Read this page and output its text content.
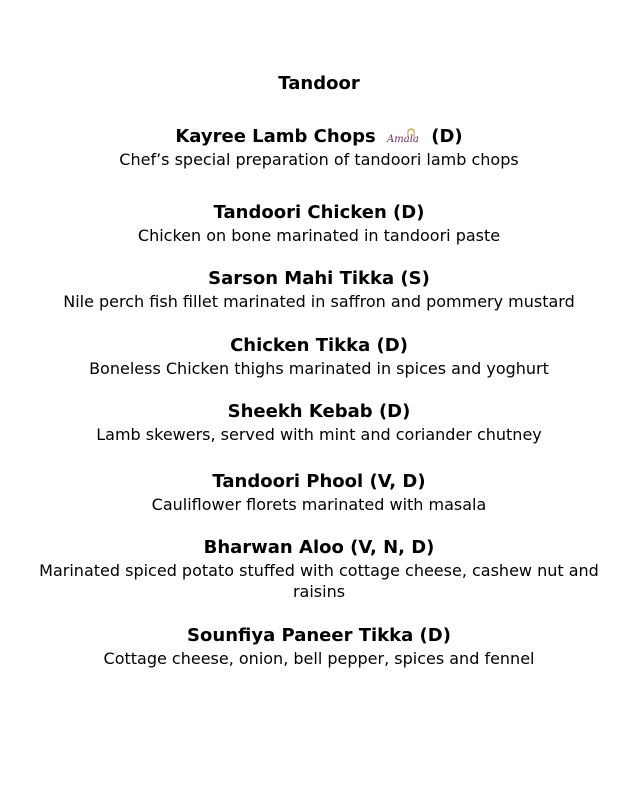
Tandoor
Kayree Lamb Chops	Amala (D)
Chef’s special preparation of tandoori lamb chops
Tandoori Chicken (D)
Chicken on bone marinated in tandoori paste
Sarson Mahi Tikka (S)
Nile perch fish fillet marinated in saffron and pommery mustard
Chicken Tikka (D)
Boneless Chicken thighs marinated in spices and yoghurt
Sheekh Kebab (D)
Lamb skewers, served with mint and coriander chutney
Tandoori Phool (V, D)
Cauliflower florets marinated with masala
Bharwan Aloo (V, N, D)
Marinated spiced potato stuffed with cottage cheese, cashew nut and raisins
Sounfiya Paneer Tikka (D)
Cottage cheese, onion, bell pepper, spices and fennel
